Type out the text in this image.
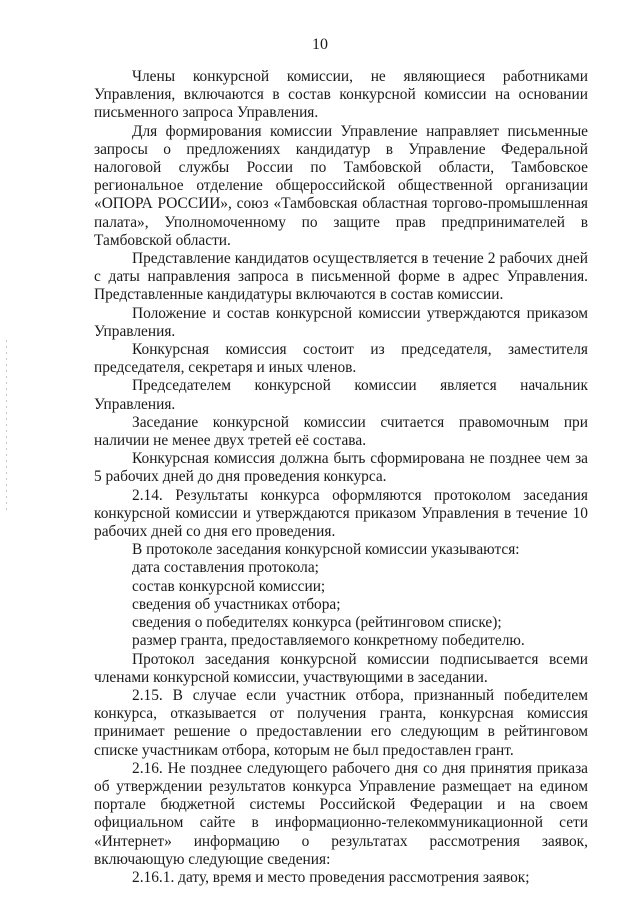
10

Члены конкурсной комиссии, не являющиеся работниками Управления, включаются в состав конкурсной комиссии на основании письменного запроса Управления.

Для формирования комиссии Управление направляет письменные запросы о предложениях кандидатур в Управление Федеральной налоговой службы России по Тамбовской области, Тамбовское региональное отделение общероссийской общественной организации «ОПОРА РОССИИ», союз «Тамбовская областная торгово-промышленная палата», Уполномоченному по защите прав предпринимателей в Тамбовской области.

Представление кандидатов осуществляется в течение 2 рабочих дней с даты направления запроса в письменной форме в адрес Управления. Представленные кандидатуры включаются в состав комиссии.

Положение и состав конкурсной комиссии утверждаются приказом Управления.

Конкурсная комиссия состоит из председателя, заместителя председателя, секретаря и иных членов.

Председателем конкурсной комиссии является начальник Управления.

Заседание конкурсной комиссии считается правомочным при наличии не менее двух третей её состава.

Конкурсная комиссия должна быть сформирована не позднее чем за 5 рабочих дней до дня проведения конкурса.

2.14. Результаты конкурса оформляются протоколом заседания конкурсной комиссии и утверждаются приказом Управления в течение 10 рабочих дней со дня его проведения.

В протоколе заседания конкурсной комиссии указываются:

дата составления протокола;

состав конкурсной комиссии;

сведения об участниках отбора;

сведения о победителях конкурса (рейтинговом списке);

размер гранта, предоставляемого конкретному победителю.

Протокол заседания конкурсной комиссии подписывается всеми членами конкурсной комиссии, участвующими в заседании.

2.15. В случае если участник отбора, признанный победителем конкурса, отказывается от получения гранта, конкурсная комиссия принимает решение о предоставлении его следующим в рейтинговом списке участникам отбора, которым не был предоставлен грант.

2.16. Не позднее следующего рабочего дня со дня принятия приказа об утверждении результатов конкурса Управление размещает на едином портале бюджетной системы Российской Федерации и на своем официальном сайте в информационно-телекоммуникационной сети «Интернет» информацию о результатах рассмотрения заявок, включающую следующие сведения:

2.16.1. дату, время и место проведения рассмотрения заявок;
